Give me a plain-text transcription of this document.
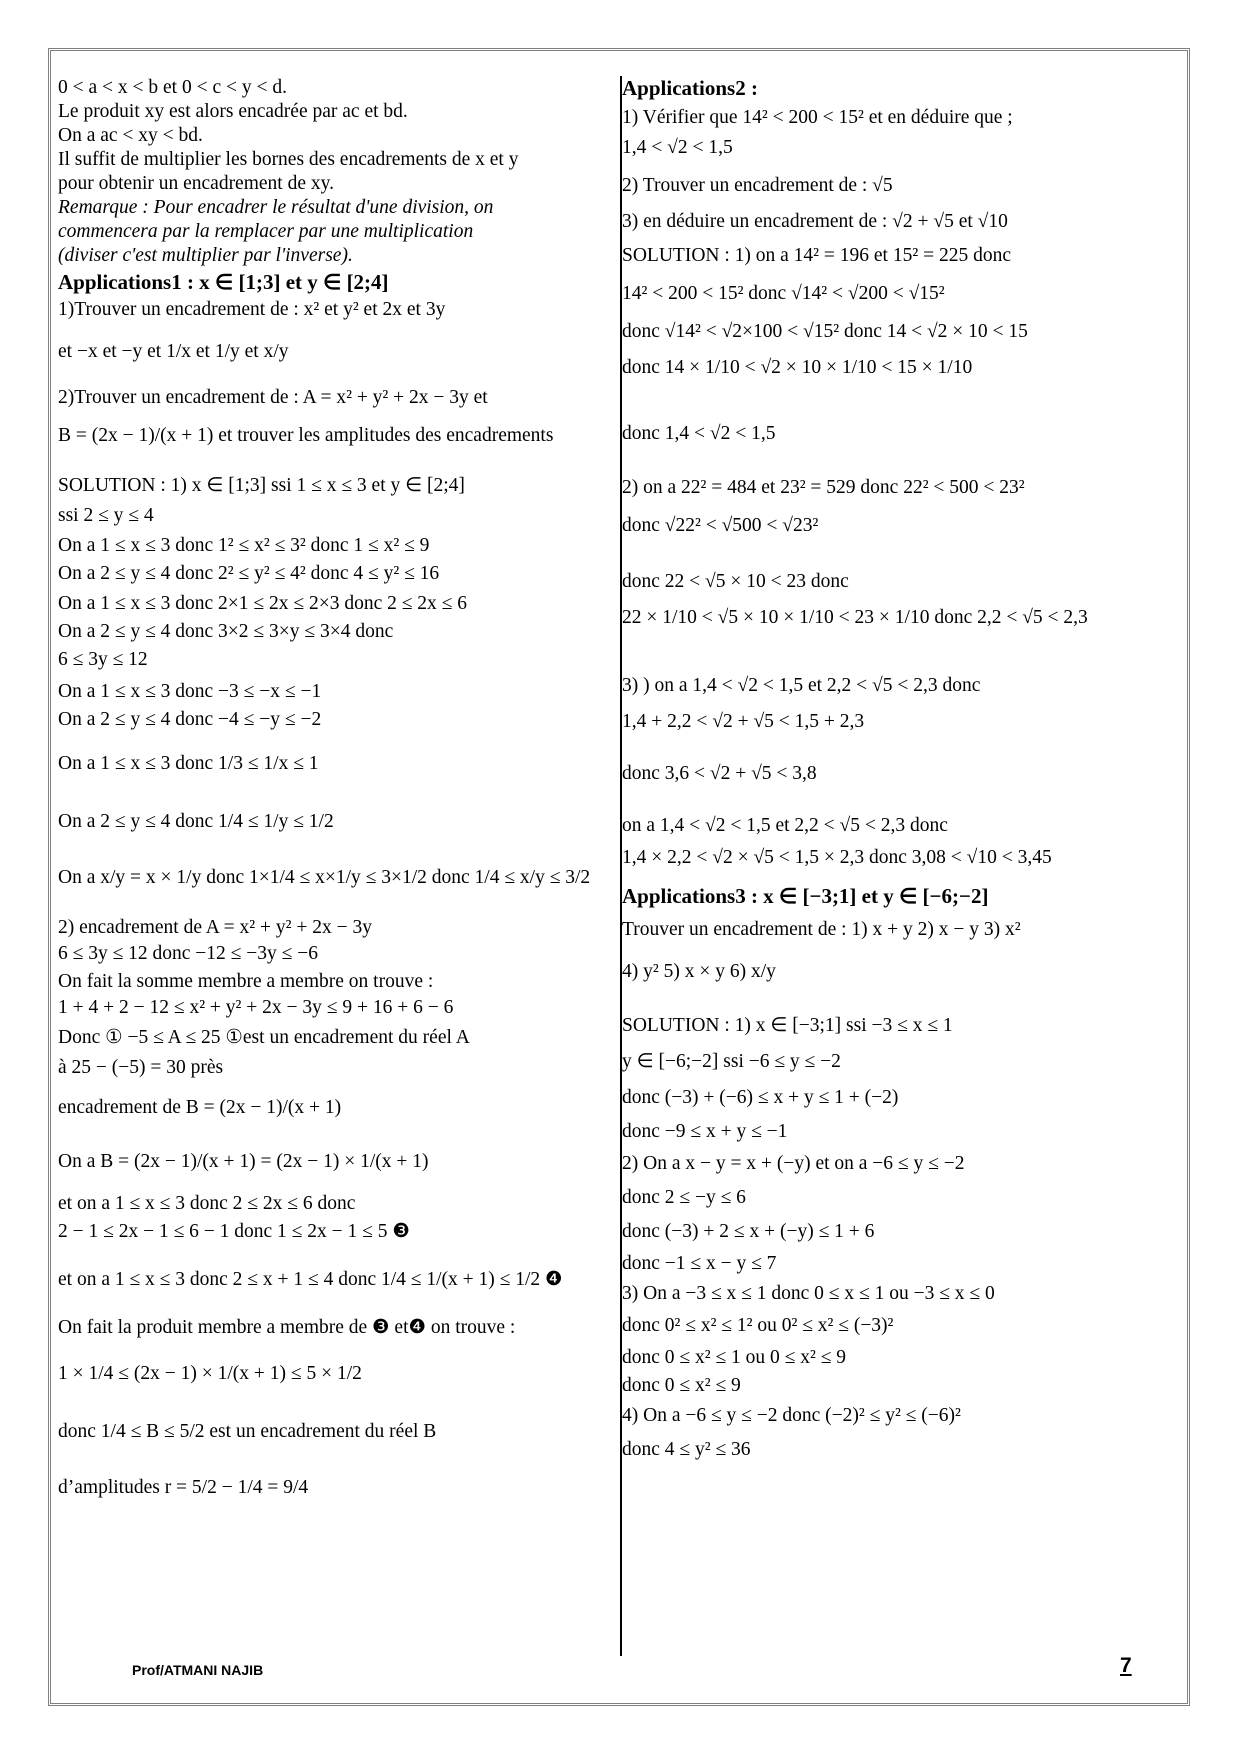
0 < a < x < b et 0 < c < y < d.
Le produit xy est alors encadrée par ac et bd.
On a ac < xy < bd.
Il suffit de multiplier les bornes des encadrements de x et y
pour obtenir un encadrement de xy.
Remarque : Pour encadrer le résultat d'une division, on
commencera par la remplacer par une multiplication
(diviser c'est multiplier par l'inverse).
Applications1 : x ∈ [1;3] et y ∈ [2;4]
1)Trouver un encadrement de : x² et y² et 2x et 3y
et −x et −y et 1/x et 1/y et x/y
2)Trouver un encadrement de : A = x² + y² + 2x − 3y et
B = (2x − 1)/(x + 1) et trouver les amplitudes des encadrements
SOLUTION : 1) x ∈ [1;3] ssi 1 ≤ x ≤ 3 et y ∈ [2;4]
ssi 2 ≤ y ≤ 4
On a 1 ≤ x ≤ 3 donc 1² ≤ x² ≤ 3² donc 1 ≤ x² ≤ 9
On a 2 ≤ y ≤ 4 donc 2² ≤ y² ≤ 4² donc 4 ≤ y² ≤ 16
On a 1 ≤ x ≤ 3 donc 2×1 ≤ 2x ≤ 2×3 donc 2 ≤ 2x ≤ 6
On a 2 ≤ y ≤ 4 donc 3×2 ≤ 3×y ≤ 3×4 donc
6 ≤ 3y ≤ 12
On a 1 ≤ x ≤ 3 donc −3 ≤ −x ≤ −1
On a 2 ≤ y ≤ 4 donc −4 ≤ −y ≤ −2
On a 1 ≤ x ≤ 3 donc 1/3 ≤ 1/x ≤ 1
On a 2 ≤ y ≤ 4 donc 1/4 ≤ 1/y ≤ 1/2
On a x/y = x × 1/y donc 1×1/4 ≤ x×1/y ≤ 3×1/2 donc 1/4 ≤ x/y ≤ 3/2
2) encadrement de A = x² + y² + 2x − 3y
6 ≤ 3y ≤ 12 donc −12 ≤ −3y ≤ −6
On fait la somme membre a membre on trouve :
1 + 4 + 2 − 12 ≤ x² + y² + 2x − 3y ≤ 9 + 16 + 6 − 6
Donc ① −5 ≤ A ≤ 25 ①est un encadrement du réel A
à 25 − (−5) = 30 près
encadrement de B = (2x − 1)/(x + 1)
On a B = (2x − 1)/(x + 1) = (2x − 1) × 1/(x + 1)
et on a 1 ≤ x ≤ 3 donc 2 ≤ 2x ≤ 6 donc
2 − 1 ≤ 2x − 1 ≤ 6 − 1 donc 1 ≤ 2x − 1 ≤ 5 ❸
et on a 1 ≤ x ≤ 3 donc 2 ≤ x + 1 ≤ 4 donc 1/4 ≤ 1/(x + 1) ≤ 1/2 ❹
On fait la produit membre a membre de ❸ et❹ on trouve :
1 × 1/4 ≤ (2x − 1) × 1/(x + 1) ≤ 5 × 1/2
donc 1/4 ≤ B ≤ 5/2 est un encadrement du réel B
d’amplitudes r = 5/2 − 1/4 = 9/4
Applications2 :
1) Vérifier que 14² < 200 < 15² et en déduire que ;
1,4 < √2 < 1,5
2) Trouver un encadrement de : √5
3) en déduire un encadrement de : √2 + √5 et √10
SOLUTION : 1) on a 14² = 196 et 15² = 225 donc
14² < 200 < 15² donc √14² < √200 < √15²
donc √14² < √2×100 < √15² donc 14 < √2 × 10 < 15
donc 14 × 1/10 < √2 × 10 × 1/10 < 15 × 1/10
donc 1,4 < √2 < 1,5
2) on a 22² = 484 et 23² = 529 donc 22² < 500 < 23²
donc √22² < √500 < √23²
donc 22 < √5 × 10 < 23 donc
22 × 1/10 < √5 × 10 × 1/10 < 23 × 1/10 donc 2,2 < √5 < 2,3
3) ) on a 1,4 < √2 < 1,5 et 2,2 < √5 < 2,3 donc
1,4 + 2,2 < √2 + √5 < 1,5 + 2,3
donc 3,6 < √2 + √5 < 3,8
on a 1,4 < √2 < 1,5 et 2,2 < √5 < 2,3 donc
1,4 × 2,2 < √2 × √5 < 1,5 × 2,3 donc 3,08 < √10 < 3,45
Applications3 : x ∈ [−3;1] et y ∈ [−6;−2]
Trouver un encadrement de : 1) x + y 2) x − y 3) x²
4) y² 5) x × y 6) x/y
SOLUTION : 1) x ∈ [−3;1] ssi −3 ≤ x ≤ 1
y ∈ [−6;−2] ssi −6 ≤ y ≤ −2
donc (−3) + (−6) ≤ x + y ≤ 1 + (−2)
donc −9 ≤ x + y ≤ −1
2) On a x − y = x + (−y) et on a −6 ≤ y ≤ −2
donc 2 ≤ −y ≤ 6
donc (−3) + 2 ≤ x + (−y) ≤ 1 + 6
donc −1 ≤ x − y ≤ 7
3) On a −3 ≤ x ≤ 1 donc 0 ≤ x ≤ 1 ou −3 ≤ x ≤ 0
donc 0² ≤ x² ≤ 1² ou 0² ≤ x² ≤ (−3)²
donc 0 ≤ x² ≤ 1 ou 0 ≤ x² ≤ 9
donc 0 ≤ x² ≤ 9
4) On a −6 ≤ y ≤ −2 donc (−2)² ≤ y² ≤ (−6)²
donc 4 ≤ y² ≤ 36
Prof/ATMANI NAJIB	7
